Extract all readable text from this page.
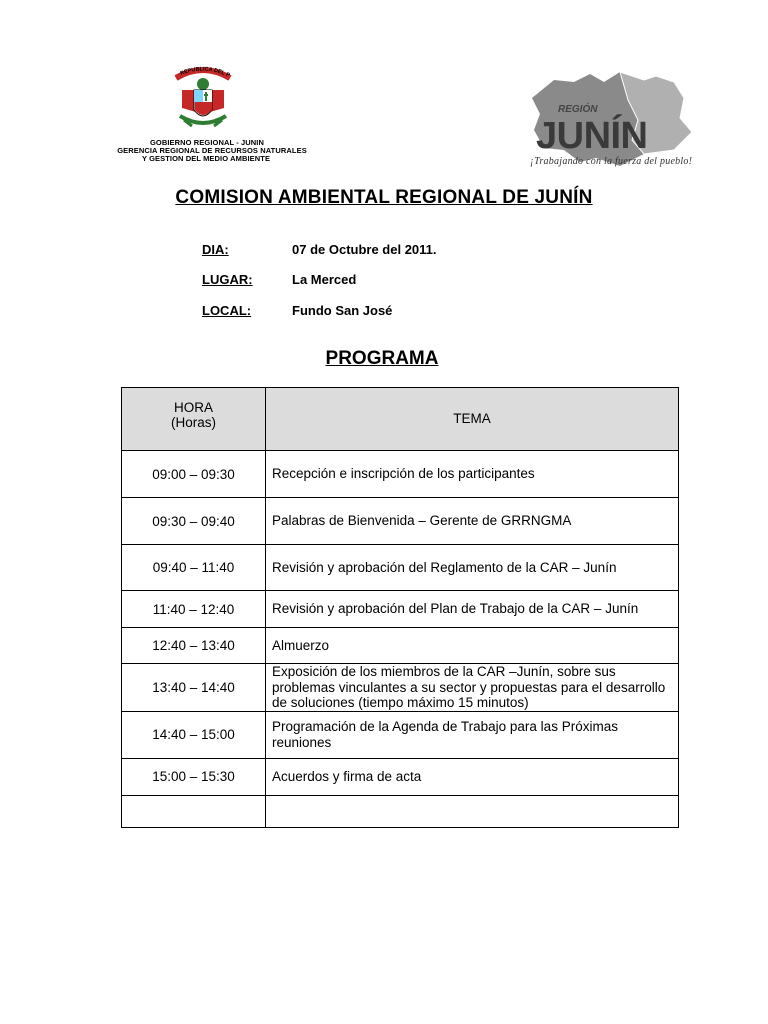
REPUBLICA DEL P
GOBIERNO REGIONAL - JUNIN
GERENCIA REGIONAL DE RECURSOS NATURALES
Y GESTION DEL MEDIO AMBIENTE
REGIÓN
JUNÍN
¡Trabajando con la fuerza del pueblo!
COMISION AMBIENTAL REGIONAL DE JUNÍN
DIA:	07 de Octubre del 2011.
LUGAR:	La Merced
LOCAL:	Fundo San José
PROGRAMA
HORA
(Horas)	TEMA
09:00 – 09:30	Recepción e inscripción de los participantes
09:30 – 09:40	Palabras de Bienvenida – Gerente de GRRNGMA
09:40 – 11:40	Revisión y aprobación del Reglamento de la CAR – Junín
11:40 – 12:40	Revisión y aprobación del Plan de Trabajo de la CAR – Junín
12:40 – 13:40	Almuerzo
13:40 – 14:40	Exposición de los miembros de la CAR –Junín, sobre sus problemas vinculantes a su sector y propuestas para el desarrollo de soluciones (tiempo máximo 15 minutos)
14:40 – 15:00	Programación de la Agenda de Trabajo para las Próximas reuniones
15:00 – 15:30	Acuerdos y firma de acta
